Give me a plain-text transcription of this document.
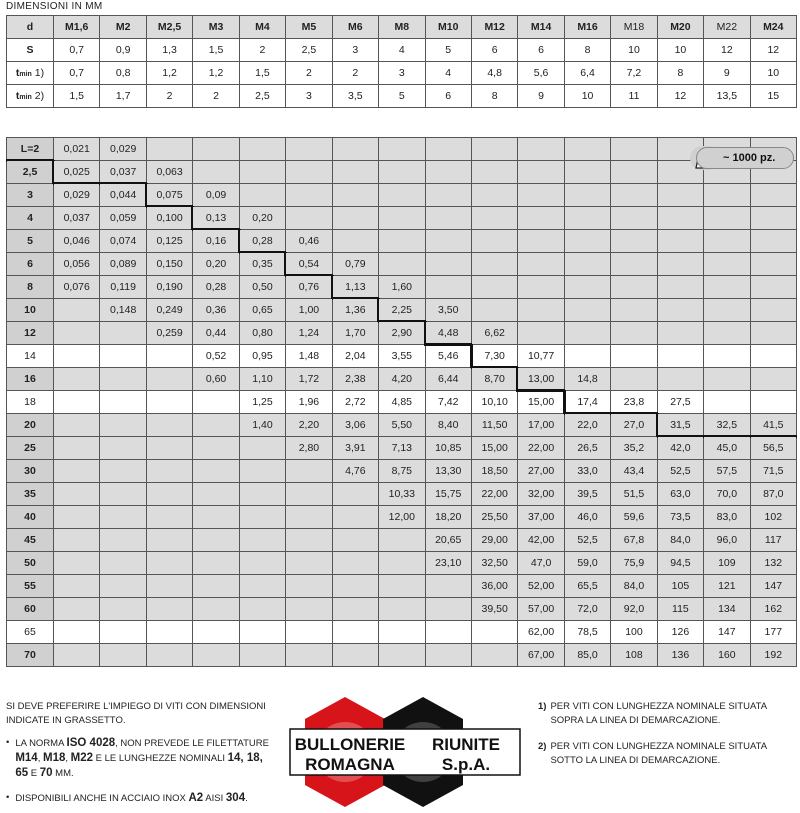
DIMENSIONI IN MM
d	M1,6	M2	M2,5	M3	M4	M5	M6	M8	M10	M12	M14	M16	M18	M20	M22	M24
S	0,7	0,9	1,3	1,5	2	2,5	3	4	5	6	6	8	10	10	12	12
tmin 1)	0,7	0,8	1,2	1,2	1,5	2	2	3	4	4,8	5,6	6,4	7,2	8	9	10
tmin 2)	1,5	1,7	2	2	2,5	3	3,5	5	6	8	9	10	11	12	13,5	15
L=2	0,021	0,029														
2,5	0,025	0,037	0,063													
3	0,029	0,044	0,075	0,09												
4	0,037	0,059	0,100	0,13	0,20											
5	0,046	0,074	0,125	0,16	0,28	0,46										
6	0,056	0,089	0,150	0,20	0,35	0,54	0,79									
8	0,076	0,119	0,190	0,28	0,50	0,76	1,13	1,60								
10		0,148	0,249	0,36	0,65	1,00	1,36	2,25	3,50							
12			0,259	0,44	0,80	1,24	1,70	2,90	4,48	6,62						
14				0,52	0,95	1,48	2,04	3,55	5,46	7,30	10,77					
16				0,60	1,10	1,72	2,38	4,20	6,44	8,70	13,00	14,8				
18					1,25	1,96	2,72	4,85	7,42	10,10	15,00	17,4	23,8	27,5		
20					1,40	2,20	3,06	5,50	8,40	11,50	17,00	22,0	27,0	31,5	32,5	41,5
25						2,80	3,91	7,13	10,85	15,00	22,00	26,5	35,2	42,0	45,0	56,5
30							4,76	8,75	13,30	18,50	27,00	33,0	43,4	52,5	57,5	71,5
35								10,33	15,75	22,00	32,00	39,5	51,5	63,0	70,0	87,0
40								12,00	18,20	25,50	37,00	46,0	59,6	73,5	83,0	102
45									20,65	29,00	42,00	52,5	67,8	84,0	96,0	117
50									23,10	32,50	47,0	59,0	75,9	94,5	109	132
55										36,00	52,00	65,5	84,0	105	121	147
60										39,50	57,00	72,0	92,0	115	134	162
65											62,00	78,5	100	126	147	177
70											67,00	85,0	108	136	160	192
~ 1000 pz.

SI DEVE PREFERIRE L'IMPIEGO DI VITI CON DIMENSIONI INDICATE IN GRASSETTO.

• LA NORMA ISO 4028, NON PREVEDE LE FILETTATURE M14, M18, M22 E LE LUNGHEZZE NOMINALI 14, 18, 65 E 70 MM.
• DISPONIBILI ANCHE IN ACCIAIO INOX A2 AISI 304.
BULLONERIE RIUNITE
ROMAGNA	S.p.A.
1) PER VITI CON LUNGHEZZA NOMINALE SITUATA SOPRA LA LINEA DI DEMARCAZIONE.
2) PER VITI CON LUNGHEZZA NOMINALE SITUATA SOTTO LA LINEA DI DEMARCAZIONE.
